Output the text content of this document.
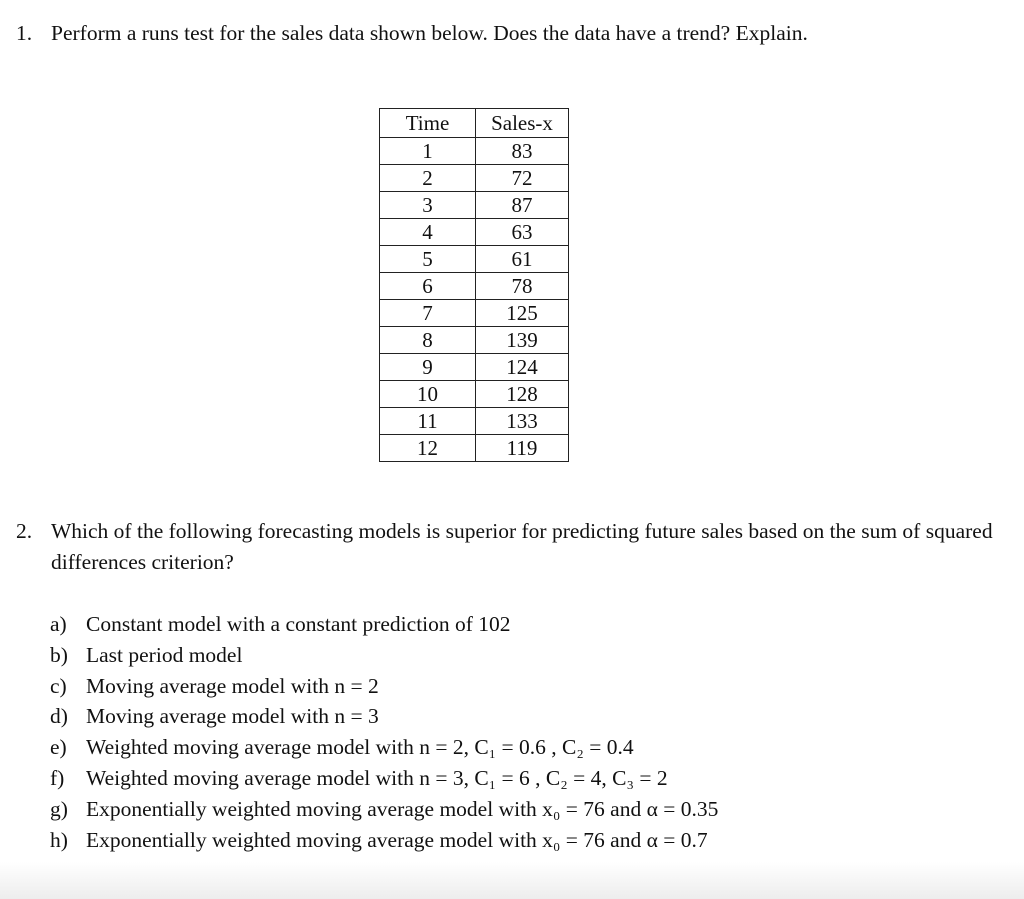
1. Perform a runs test for the sales data shown below. Does the data have a trend? Explain.
Time	Sales-x
1	83
2	72
3	87
4	63
5	61
6	78
7	125
8	139
9	124
10	128
11	133
12	119
2. Which of the following forecasting models is superior for predicting future sales based on the sum of squared differences criterion?
a) Constant model with a constant prediction of 102
b) Last period model
c) Moving average model with n = 2
d) Moving average model with n = 3
e) Weighted moving average model with n = 2, C₁ = 0.6 , C₂ = 0.4
f) Weighted moving average model with n = 3, C₁ = 6 , C₂ = 4, C₃ = 2
g) Exponentially weighted moving average model with x₀ = 76 and α = 0.35
h) Exponentially weighted moving average model with x₀ = 76 and α = 0.7
